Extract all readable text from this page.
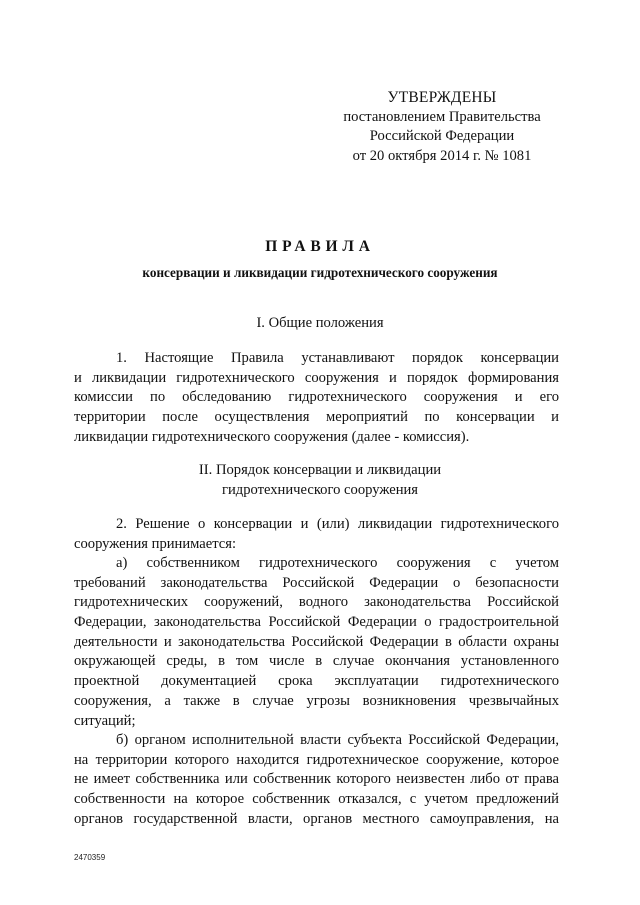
УТВЕРЖДЕНЫ
постановлением Правительства
Российской Федерации
от 20 октября 2014 г. № 1081
ПРАВИЛА
консервации и ликвидации гидротехнического сооружения
I. Общие положения
1. Настоящие Правила устанавливают порядок консервации
и ликвидации гидротехнического сооружения и порядок формирования
комиссии по обследованию гидротехнического сооружения и его
территории после осуществления мероприятий по консервации и
ликвидации гидротехнического сооружения (далее - комиссия).
II. Порядок консервации и ликвидации
гидротехнического сооружения
2. Решение о консервации и (или) ликвидации гидротехнического
сооружения принимается:
а) собственником гидротехнического сооружения с учетом
требований законодательства Российской Федерации о безопасности
гидротехнических сооружений, водного законодательства Российской
Федерации, законодательства Российской Федерации о градостроительной
деятельности и законодательства Российской Федерации в области охраны
окружающей среды, в том числе в случае окончания установленного
проектной документацией срока эксплуатации гидротехнического
сооружения, а также в случае угрозы возникновения чрезвычайных
ситуаций;
б) органом исполнительной власти субъекта Российской Федерации,
на территории которого находится гидротехническое сооружение, которое
не имеет собственника или собственник которого неизвестен либо от права
собственности на которое собственник отказался, с учетом предложений
органов государственной власти, органов местного самоуправления, на
2470359
